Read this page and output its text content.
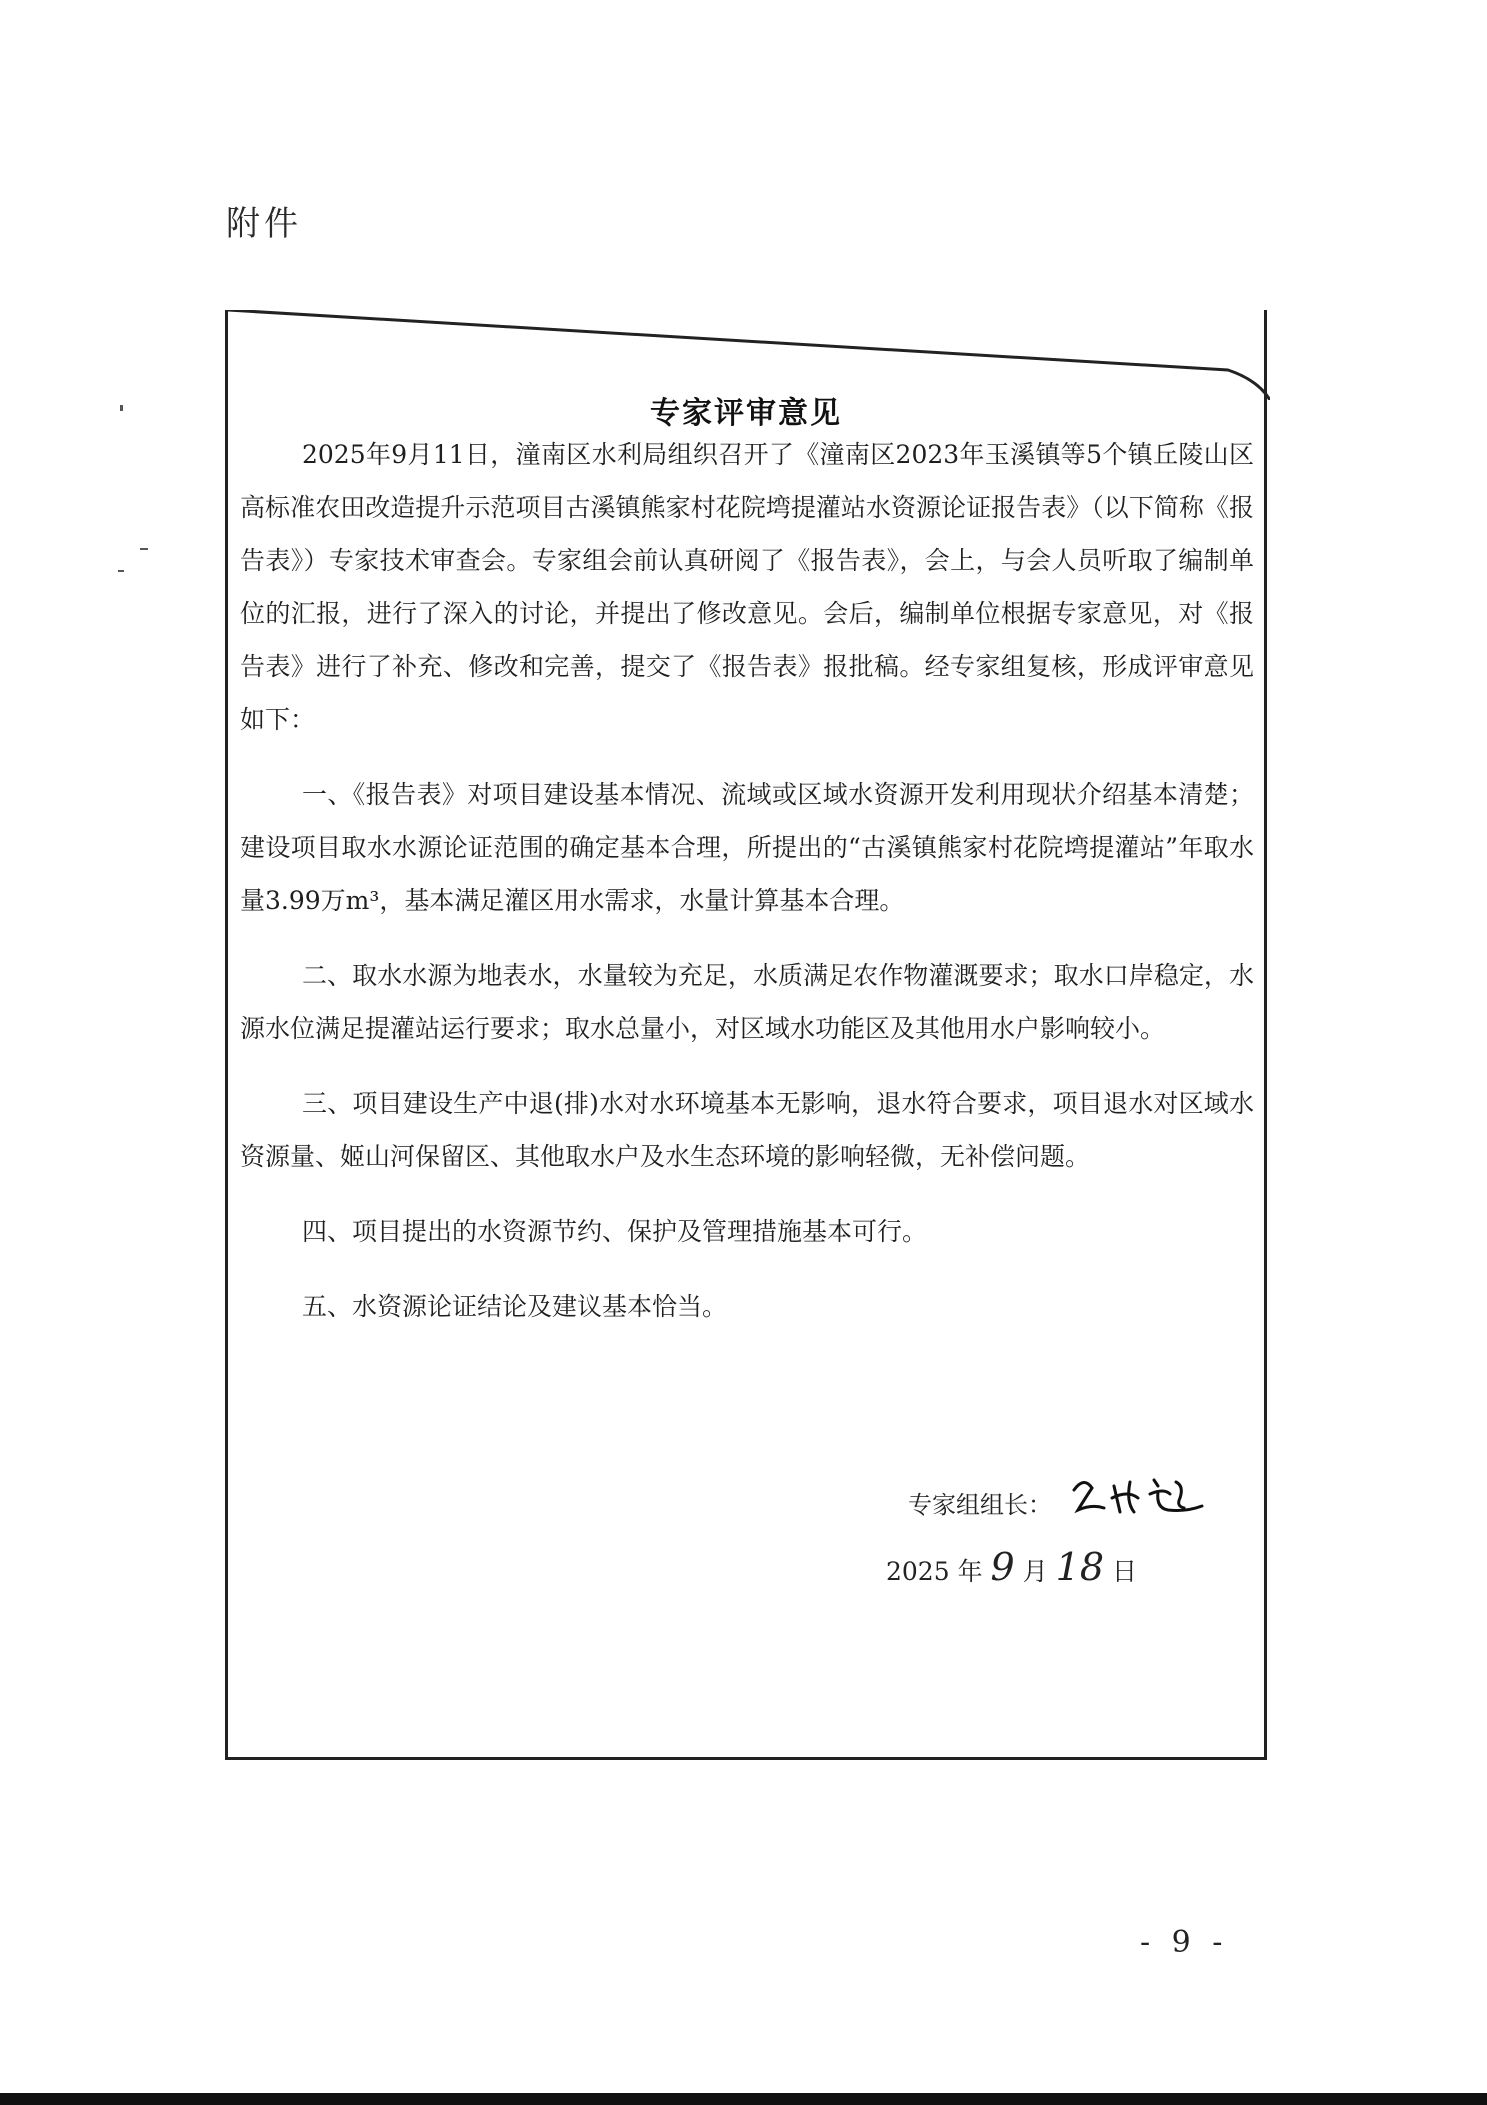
附件
专家评审意见

2025年9月11日，潼南区水利局组织召开了《潼南区2023年玉溪镇等5个镇丘陵山区高标准农田改造提升示范项目古溪镇熊家村花院塆提灌站水资源论证报告表》（以下简称《报告表》）专家技术审查会。专家组会前认真研阅了《报告表》，会上，与会人员听取了编制单位的汇报，进行了深入的讨论，并提出了修改意见。会后，编制单位根据专家意见，对《报告表》进行了补充、修改和完善，提交了《报告表》报批稿。经专家组复核，形成评审意见如下：

一、《报告表》对项目建设基本情况、流域或区域水资源开发利用现状介绍基本清楚；建设项目取水水源论证范围的确定基本合理，所提出的“古溪镇熊家村花院塆提灌站”年取水量3.99万m³，基本满足灌区用水需求，水量计算基本合理。

二、取水水源为地表水，水量较为充足，水质满足农作物灌溉要求；取水口岸稳定，水源水位满足提灌站运行要求；取水总量小，对区域水功能区及其他用水户影响较小。

三、项目建设生产中退(排)水对水环境基本无影响，退水符合要求，项目退水对区域水资源量、姬山河保留区、其他取水户及水生态环境的影响轻微，无补偿问题。

四、项目提出的水资源节约、保护及管理措施基本可行。

五、水资源论证结论及建议基本恰当。

专家组组长：
2025 年 9 月 18 日
- 9 -
